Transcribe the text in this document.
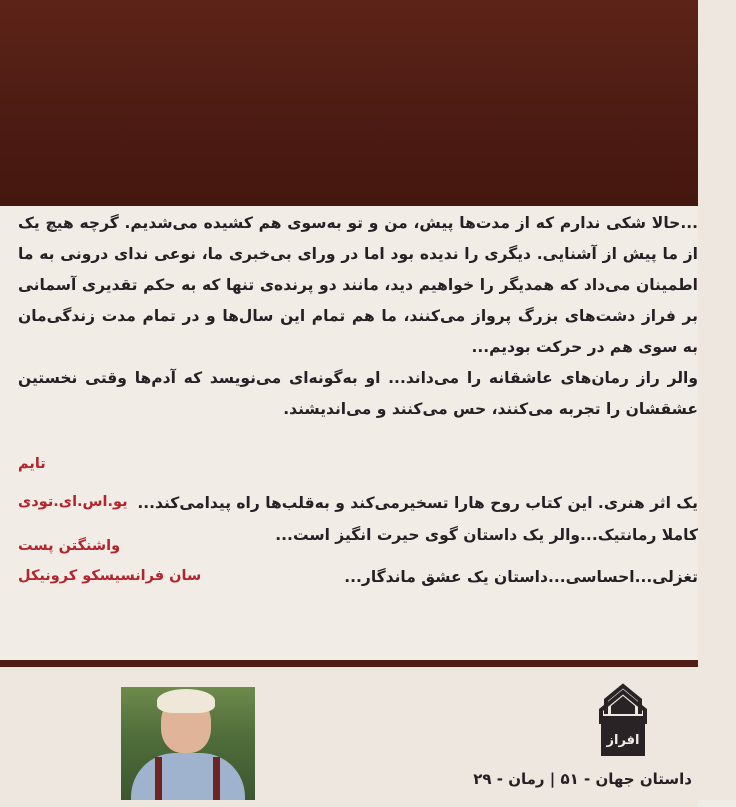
...حالا شکی ندارم که از مدت‌ها پیش، من و تو به‌سوی هم کشیده می‌شدیم. گرچه هیچ یک از ما پیش از آشنایی. دیگری را ندیده بود اما در ورای بی‌خبری ما، نوعی ندای درونی به ما اطمینان می‌داد که همدیگر را خواهیم دید، مانند دو پرنده‌ی تنها که به حکم تقدیری آسمانی بر فراز دشت‌های بزرگ پرواز می‌کنند، ما هم تمام این سال‌ها و در تمام مدت زندگی‌مان به سوی هم در حرکت بودیم...

والر راز رمان‌های عاشقانه را می‌داند... او به‌گونه‌ای می‌نویسد که آدم‌ها وقتی نخستین عشقشان را تجربه می‌کنند، حس می‌کنند و می‌اندیشند.

تایم
یک اثر هنری. این کتاب روح هارا تسخیرمی‌کند و به‌قلب‌ها راه پیدامی‌کند...
یو.اس.ای.تودی
کاملا رمانتیک...والر یک داستان گوی حیرت انگیز است...
واشنگتن پست
تغزلی...احساسی...داستان یک عشق ماندگار...
سان فرانسیسکو کرونیکل
افراز
داستان جهان - ۵۱ | رمان - ۲۹
